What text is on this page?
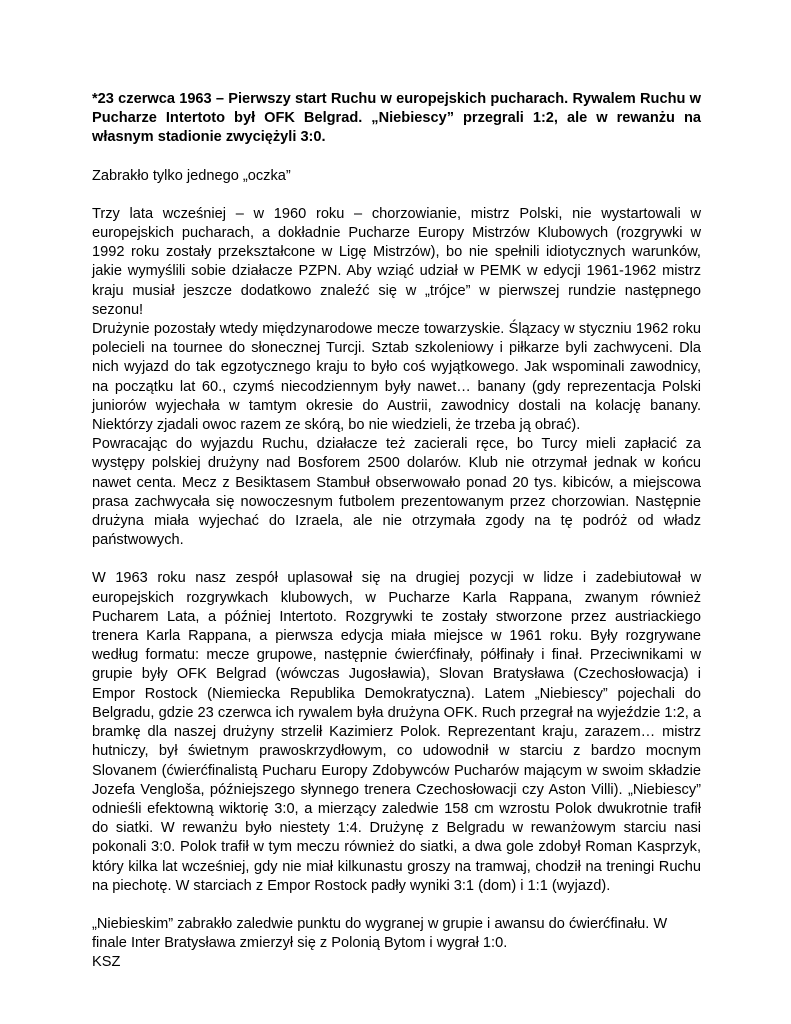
*23 czerwca 1963 – Pierwszy start Ruchu w europejskich pucharach. Rywalem Ruchu w Pucharze Intertoto był OFK Belgrad. „Niebiescy” przegrali 1:2, ale w rewanżu na własnym stadionie zwyciężyli 3:0.

Zabrakło tylko jednego „oczka”

Trzy lata wcześniej – w 1960 roku – chorzowianie, mistrz Polski, nie wystartowali w europejskich pucharach, a dokładnie Pucharze Europy Mistrzów Klubowych (rozgrywki w 1992 roku zostały przekształcone w Ligę Mistrzów), bo nie spełnili idiotycznych warunków, jakie wymyślili sobie działacze PZPN. Aby wziąć udział w PEMK w edycji 1961-1962 mistrz kraju musiał jeszcze dodatkowo znaleźć się w „trójce” w pierwszej rundzie następnego sezonu!

Drużynie pozostały wtedy międzynarodowe mecze towarzyskie. Ślązacy w styczniu 1962 roku polecieli na tournee do słonecznej Turcji. Sztab szkoleniowy i piłkarze byli zachwyceni. Dla nich wyjazd do tak egzotycznego kraju to było coś wyjątkowego. Jak wspominali zawodnicy, na początku lat 60., czymś niecodziennym były nawet… banany (gdy reprezentacja Polski juniorów wyjechała w tamtym okresie do Austrii, zawodnicy dostali na kolację banany. Niektórzy zjadali owoc razem ze skórą, bo nie wiedzieli, że trzeba ją obrać).

Powracając do wyjazdu Ruchu, działacze też zacierali ręce, bo Turcy mieli zapłacić za występy polskiej drużyny nad Bosforem 2500 dolarów. Klub nie otrzymał jednak w końcu nawet centa. Mecz z Besiktasem Stambuł obserwowało ponad 20 tys. kibiców, a miejscowa prasa zachwycała się nowoczesnym futbolem prezentowanym przez chorzowian. Następnie drużyna miała wyjechać do Izraela, ale nie otrzymała zgody na tę podróż od władz państwowych.

W 1963 roku nasz zespół uplasował się na drugiej pozycji w lidze i zadebiutował w europejskich rozgrywkach klubowych, w Pucharze Karla Rappana, zwanym również Pucharem Lata, a później Intertoto. Rozgrywki te zostały stworzone przez austriackiego trenera Karla Rappana, a pierwsza edycja miała miejsce w 1961 roku. Były rozgrywane według formatu: mecze grupowe, następnie ćwierćfinały, półfinały i finał. Przeciwnikami w grupie były OFK Belgrad (wówczas Jugosławia), Slovan Bratysława (Czechosłowacja) i Empor Rostock (Niemiecka Republika Demokratyczna). Latem „Niebiescy” pojechali do Belgradu, gdzie 23 czerwca ich rywalem była drużyna OFK. Ruch przegrał na wyjeździe 1:2, a bramkę dla naszej drużyny strzelił Kazimierz Polok. Reprezentant kraju, zarazem… mistrz hutniczy, był świetnym prawoskrzydłowym, co udowodnił w starciu z bardzo mocnym Slovanem (ćwierćfinalistą Pucharu Europy Zdobywców Pucharów mającym w swoim składzie Jozefa Vengloša, późniejszego słynnego trenera Czechosłowacji czy Aston Villi). „Niebiescy” odnieśli efektowną wiktorię 3:0, a mierzący zaledwie 158 cm wzrostu Polok dwukrotnie trafił do siatki. W rewanżu było niestety 1:4. Drużynę z Belgradu w rewanżowym starciu nasi pokonali 3:0. Polok trafił w tym meczu również do siatki, a dwa gole zdobył Roman Kasprzyk, który kilka lat wcześniej, gdy nie miał kilkunastu groszy na tramwaj, chodził na treningi Ruchu na piechotę. W starciach z Empor Rostock padły wyniki 3:1 (dom) i 1:1 (wyjazd).

„Niebieskim” zabrakło zaledwie punktu do wygranej w grupie i awansu do ćwierćfinału. W finale Inter Bratysława zmierzył się z Polonią Bytom i wygrał 1:0.

KSZ
